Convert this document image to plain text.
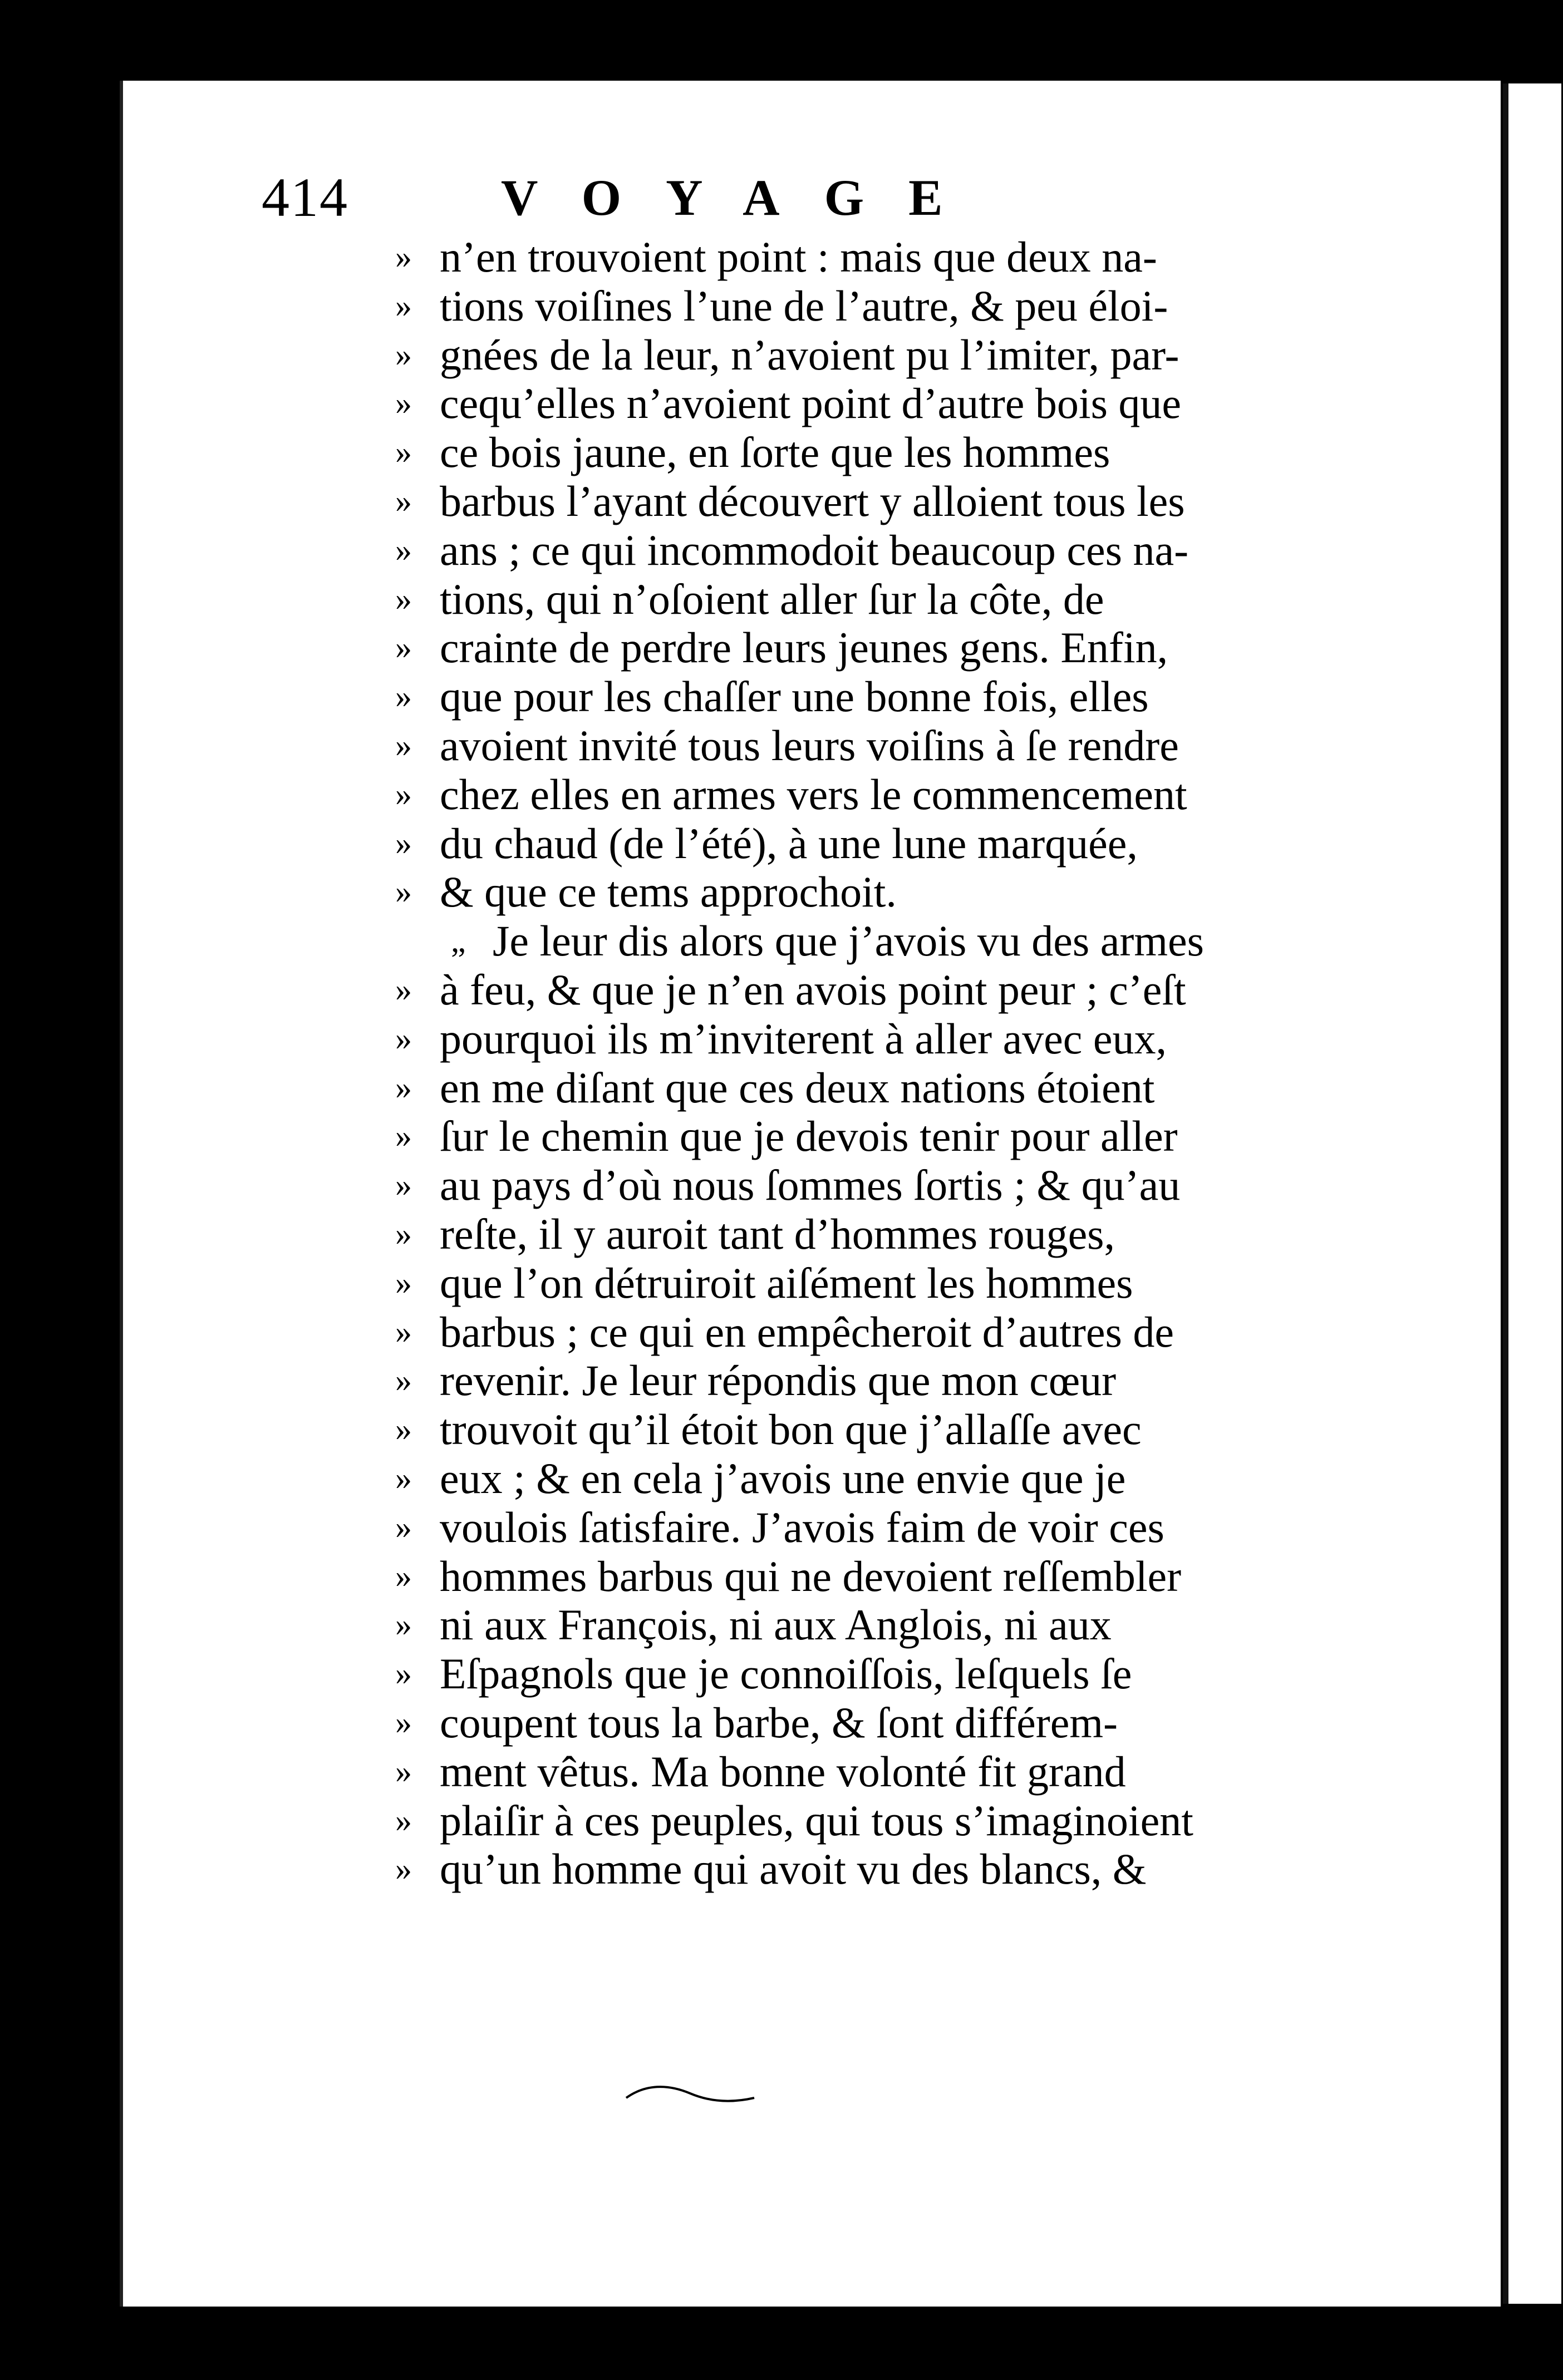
414	VOYAGE
» n’en trouvoient point : mais que deux na-
» tions voiſines l’une de l’autre, & peu éloi-
» gnées de la leur, n’avoient pu l’imiter, par-
» cequ’elles n’avoient point d’autre bois que
» ce bois jaune, en ſorte que les hommes
» barbus l’ayant découvert y alloient tous les
» ans ; ce qui incommodoit beaucoup ces na-
» tions, qui n’oſoient aller ſur la côte, de
» crainte de perdre leurs jeunes gens. Enfin,
» que pour les chaſſer une bonne fois, elles
» avoient invité tous leurs voiſins à ſe rendre
» chez elles en armes vers le commencement
» du chaud (de l’été), à une lune marquée,
» & que ce tems approchoit.
„ Je leur dis alors que j’avois vu des armes
» à feu, & que je n’en avois point peur ; c’eſt
» pourquoi ils m’inviterent à aller avec eux,
» en me diſant que ces deux nations étoient
» ſur le chemin que je devois tenir pour aller
» au pays d’où nous ſommes ſortis ; & qu’au
» reſte, il y auroit tant d’hommes rouges,
» que l’on détruiroit aiſément les hommes
» barbus ; ce qui en empêcheroit d’autres de
» revenir. Je leur répondis que mon cœur
» trouvoit qu’il étoit bon que j’allaſſe avec
» eux ; & en cela j’avois une envie que je
» voulois ſatisfaire. J’avois faim de voir ces
» hommes barbus qui ne devoient reſſembler
» ni aux François, ni aux Anglois, ni aux
» Eſpagnols que je connoiſſois, leſquels ſe
» coupent tous la barbe, & ſont différem-
» ment vêtus. Ma bonne volonté fit grand
» plaiſir à ces peuples, qui tous s’imaginoient
» qu’un homme qui avoit vu des blancs, &
